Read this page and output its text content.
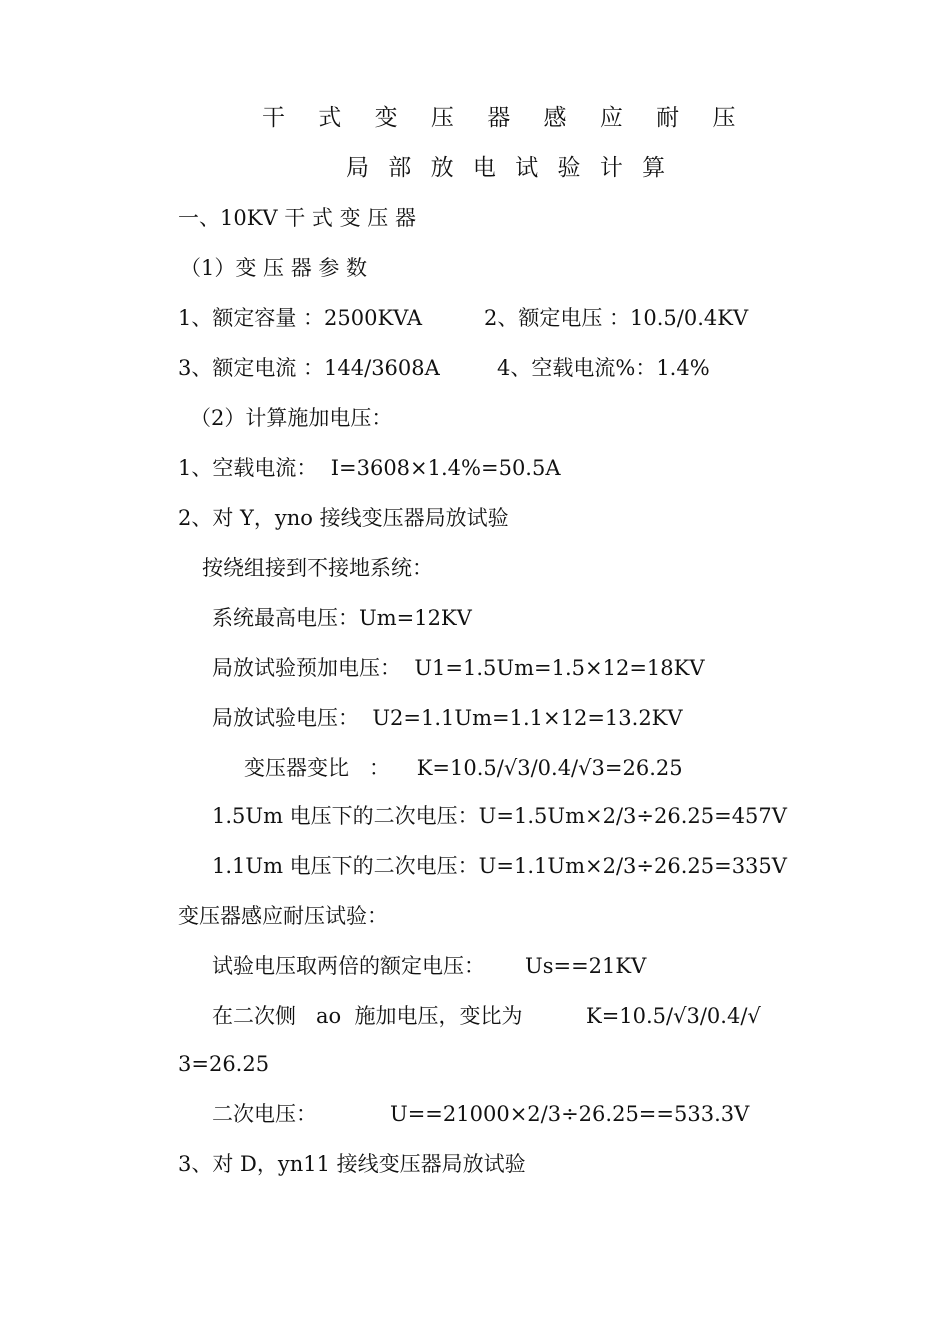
干 式 变 压 器 感 应 耐 压
局 部 放 电 试 验 计 算
一、10KV 干 式 变 压 器
（1）变 压 器 参 数
1、额定容量 ：2500KVA	2、额定电压 ：10.5/0.4KV
3、额定电流 ：144/3608A	4、空载电流%：1.4%
（2）计算施加电压：
1、空载电流：  I=3608×1.4%=50.5A
2、对 Y，yno 接线变压器局放试验
按绕组接到不接地系统：
系统最高电压：Um=12KV
局放试验预加电压：  U1=1.5Um=1.5×12=18KV
局放试验电压：  U2=1.1Um=1.1×12=13.2KV
变压器变比   ：    K=10.5/√3/0.4/√3=26.25
1.5Um 电压下的二次电压：U=1.5Um×2/3÷26.25=457V
1.1Um 电压下的二次电压：U=1.1Um×2/3÷26.25=335V
变压器感应耐压试验：
试验电压取两倍的额定电压： Us==21KV
在二次侧   ao  施加电压，变比为	K=10.5/√3/0.4/√
3=26.25
二次电压：	U==21000×2/3÷26.25==533.3V
3、对 D，yn11 接线变压器局放试验
